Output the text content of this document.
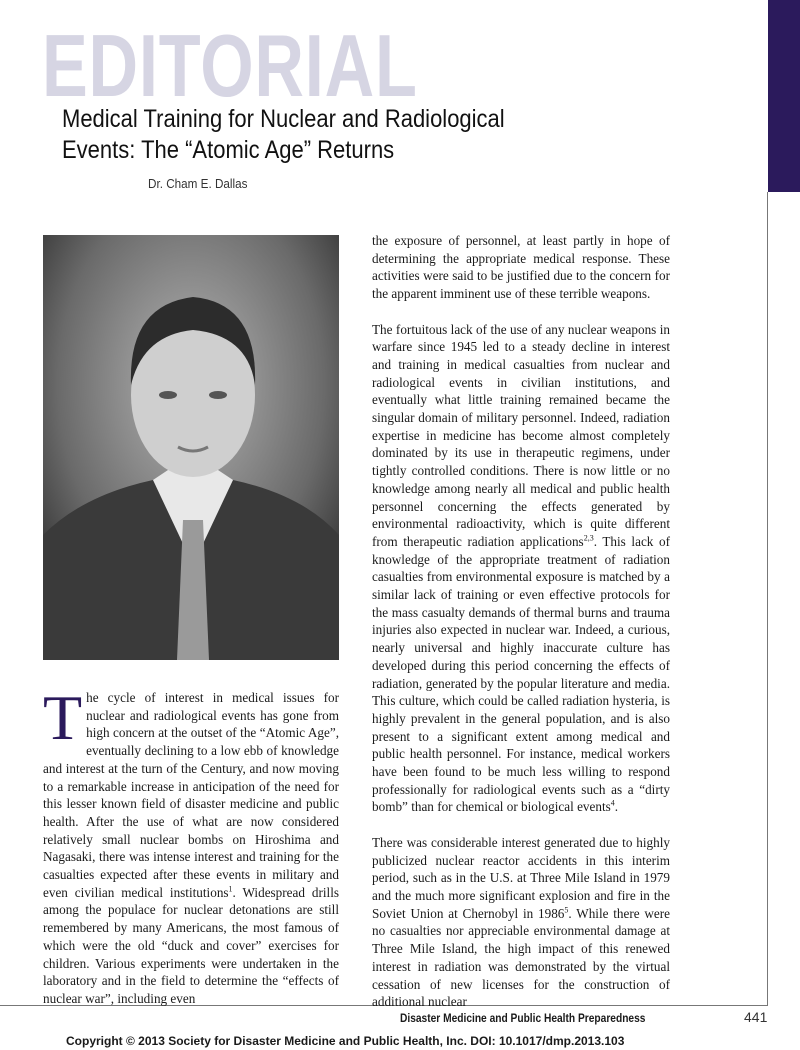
EDITORIAL
Medical Training for Nuclear and Radiological
Events: The “Atomic Age” Returns
Dr. Cham E. Dallas

The cycle of interest in medical issues for nuclear and radiological events has gone from high concern at the outset of the “Atomic Age”, eventually declining to a low ebb of knowledge and interest at the turn of the Century, and now moving to a remarkable increase in anticipation of the need for this lesser known field of disaster medicine and public health. After the use of what are now considered relatively small nuclear bombs on Hiroshima and Nagasaki, there was intense interest and training for the casualties expected after these events in military and even civilian medical institutions$^1$. Widespread drills among the populace for nuclear detonations are still remembered by many Americans, the most famous of which were the old “duck and cover” exercises for children. Various experiments were undertaken in the laboratory and in the field to determine the “effects of nuclear war”, including even

the exposure of personnel, at least partly in hope of determining the appropriate medical response. These activities were said to be justified due to the concern for the apparent imminent use of these terrible weapons.

The fortuitous lack of the use of any nuclear weapons in warfare since 1945 led to a steady decline in interest and training in medical casualties from nuclear and radiological events in civilian institutions, and eventually what little training remained became the singular domain of military personnel. Indeed, radiation expertise in medicine has become almost completely dominated by its use in therapeutic regimens, under tightly controlled conditions. There is now little or no knowledge among nearly all medical and public health personnel concerning the effects generated by environmental radioactivity, which is quite different from therapeutic radiation applications$^{2,3}$. This lack of knowledge of the appropriate treatment of radiation casualties from environmental exposure is matched by a similar lack of training or even effective protocols for the mass casualty demands of thermal burns and trauma injuries also expected in nuclear war. Indeed, a curious, nearly universal and highly inaccurate culture has developed during this period concerning the effects of radiation, generated by the popular literature and media. This culture, which could be called radiation hysteria, is highly prevalent in the general population, and is also present to a significant extent among medical and public health personnel. For instance, medical workers have been found to be much less willing to respond professionally for radiological events such as a “dirty bomb” than for chemical or biological events$^4$.

There was considerable interest generated due to highly publicized nuclear reactor accidents in this interim period, such as in the U.S. at Three Mile Island in 1979 and the much more significant explosion and fire in the Soviet Union at Chernobyl in 1986$^5$. While there were no casualties nor appreciable environmental damage at Three Mile Island, the high impact of this renewed interest in radiation was demonstrated by the virtual cessation of new licenses for the construction of additional nuclear

Disaster Medicine and Public Health Preparedness	441
Copyright © 2013 Society for Disaster Medicine and Public Health, Inc. DOI: 10.1017/dmp.2013.103
